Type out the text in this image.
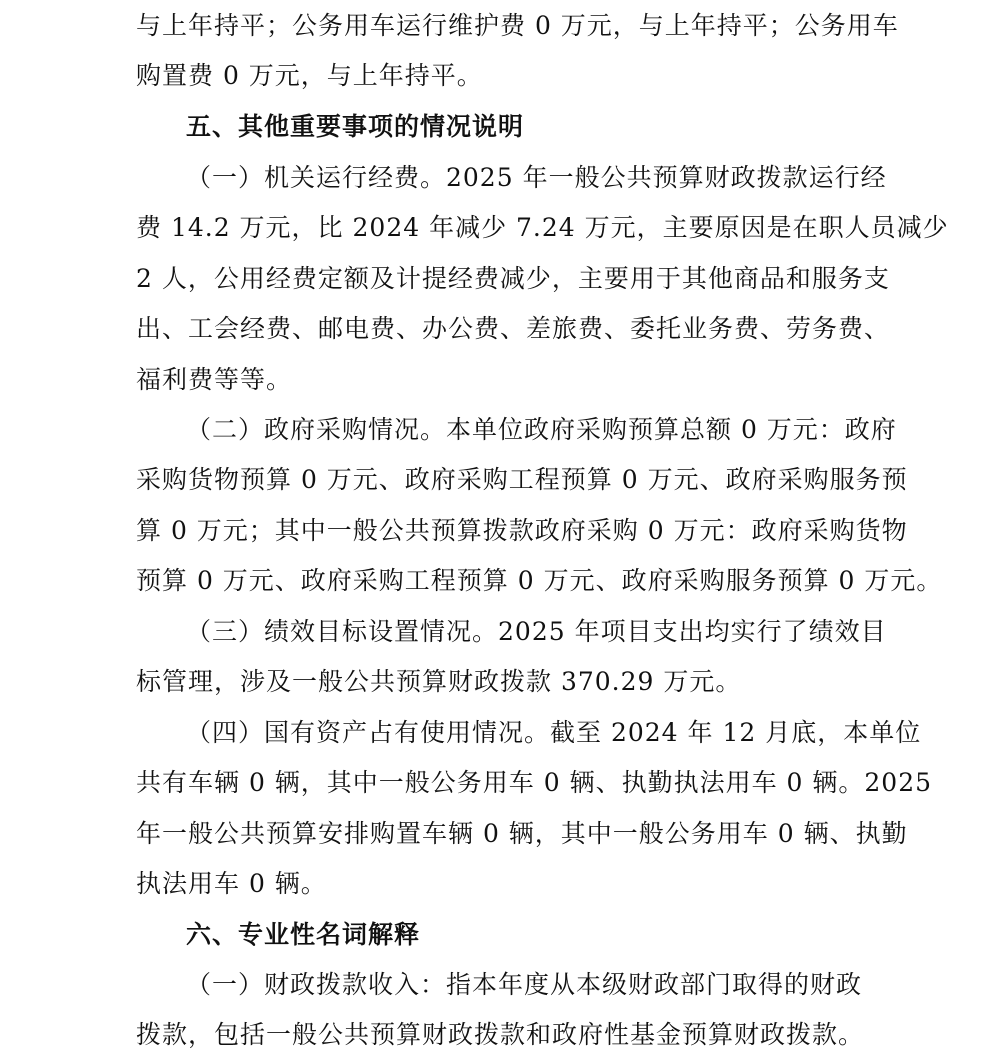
与上年持平；公务用车运行维护费 0 万元，与上年持平；公务用车
购置费 0 万元，与上年持平。
五、其他重要事项的情况说明
（一）机关运行经费。2025 年一般公共预算财政拨款运行经
费 14.2 万元，比 2024 年减少 7.24 万元，主要原因是在职人员减少
2 人，公用经费定额及计提经费减少，主要用于其他商品和服务支
出、工会经费、邮电费、办公费、差旅费、委托业务费、劳务费、
福利费等等。
（二）政府采购情况。本单位政府采购预算总额 0 万元：政府
采购货物预算 0 万元、政府采购工程预算 0 万元、政府采购服务预
算 0 万元；其中一般公共预算拨款政府采购 0 万元：政府采购货物
预算 0 万元、政府采购工程预算 0 万元、政府采购服务预算 0 万元。
（三）绩效目标设置情况。2025 年项目支出均实行了绩效目
标管理，涉及一般公共预算财政拨款 370.29 万元。
（四）国有资产占有使用情况。截至 2024 年 12 月底，本单位
共有车辆 0 辆，其中一般公务用车 0 辆、执勤执法用车 0 辆。2025
年一般公共预算安排购置车辆 0 辆，其中一般公务用车 0 辆、执勤
执法用车 0 辆。
六、专业性名词解释
（一）财政拨款收入：指本年度从本级财政部门取得的财政
拨款，包括一般公共预算财政拨款和政府性基金预算财政拨款。
